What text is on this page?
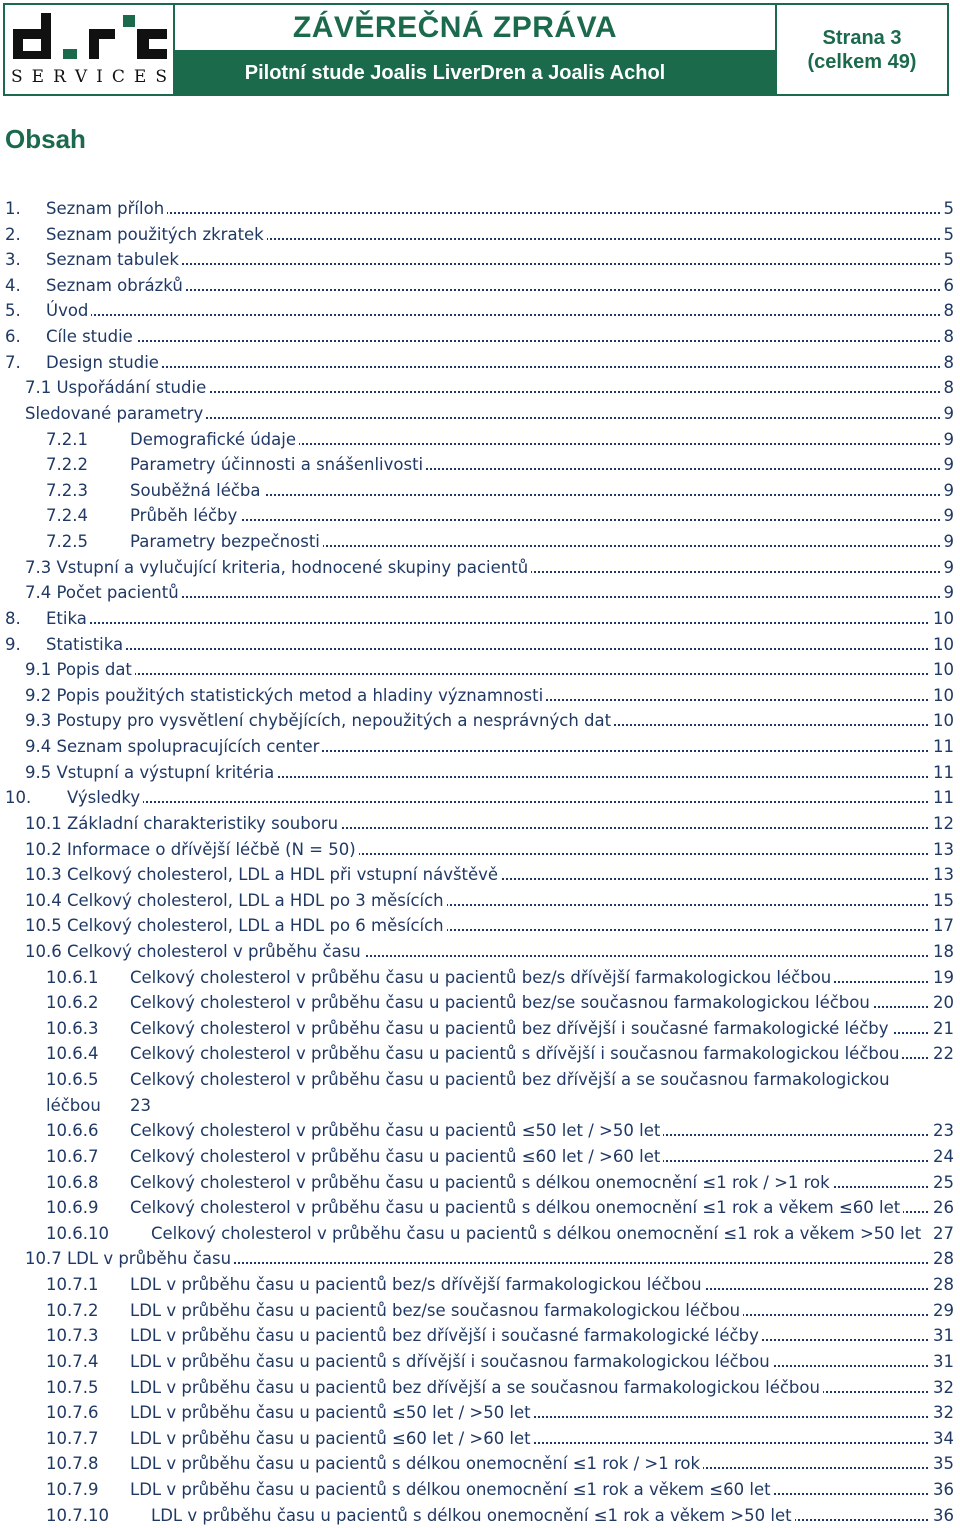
S E R V I C E S
ZÁVĚREČNÁ ZPRÁVA
Pilotní stude Joalis LiverDren a Joalis Achol
Strana 3
(celkem 49)
Obsah
1. Seznam příloh	5
2. Seznam použitých zkratek	5
3. Seznam tabulek	5
4. Seznam obrázků	6
5. Úvod	8
6. Cíle studie	8
7. Design studie	8
7.1 Uspořádání studie	8
Sledované parametry	9
7.2.1	Demografické údaje	9
7.2.2	Parametry účinnosti a snášenlivosti	9
7.2.3	Souběžná léčba	9
7.2.4	Průběh léčby	9
7.2.5	Parametry bezpečnosti	9
7.3 Vstupní a vylučující kriteria, hodnocené skupiny pacientů	9
7.4 Počet pacientů	9
8. Etika	10
9. Statistika	10
9.1 Popis dat	10
9.2 Popis použitých statistických metod a hladiny významnosti	10
9.3 Postupy pro vysvětlení chybějících, nepoužitých a nesprávných dat	10
9.4 Seznam spolupracujících center	11
9.5 Vstupní a výstupní kritéria	11
10. Výsledky	11
10.1 Základní charakteristiky souboru	12
10.2 Informace o dřívější léčbě (N = 50)	13
10.3 Celkový cholesterol, LDL a HDL při vstupní návštěvě	13
10.4 Celkový cholesterol, LDL a HDL po 3 měsících	15
10.5 Celkový cholesterol, LDL a HDL po 6 měsících	17
10.6 Celkový cholesterol v průběhu času	18
10.6.1 Celkový cholesterol v průběhu času u pacientů bez/s dřívější farmakologickou léčbou	19
10.6.2 Celkový cholesterol v průběhu času u pacientů bez/se současnou farmakologickou léčbou	20
10.6.3 Celkový cholesterol v průběhu času u pacientů bez dřívější i současné farmakologické léčby	21
10.6.4 Celkový cholesterol v průběhu času u pacientů s dřívější i současnou farmakologickou léčbou 22
10.6.5 Celkový cholesterol v průběhu času u pacientů bez dřívější a se současnou farmakologickou
léčbou 23
10.6.6 Celkový cholesterol v průběhu času u pacientů ≤50 let / >50 let	23
10.6.7 Celkový cholesterol v průběhu času u pacientů ≤60 let / >60 let	24
10.6.8 Celkový cholesterol v průběhu času u pacientů s délkou onemocnění ≤1 rok / >1 rok	25
10.6.9 Celkový cholesterol v průběhu času u pacientů s délkou onemocnění ≤1 rok a věkem ≤60 let 26
10.6.10	Celkový cholesterol v průběhu času u pacientů s délkou onemocnění ≤1 rok a věkem >50 let 27
10.7 LDL v průběhu času	28
10.7.1 LDL v průběhu času u pacientů bez/s dřívější farmakologickou léčbou	28
10.7.2 LDL v průběhu času u pacientů bez/se současnou farmakologickou léčbou	29
10.7.3 LDL v průběhu času u pacientů bez dřívější i současné farmakologické léčby	31
10.7.4 LDL v průběhu času u pacientů s dřívější i současnou farmakologickou léčbou	31
10.7.5 LDL v průběhu času u pacientů bez dřívější a se současnou farmakologickou léčbou	32
10.7.6 LDL v průběhu času u pacientů ≤50 let / >50 let	32
10.7.7 LDL v průběhu času u pacientů ≤60 let / >60 let	34
10.7.8 LDL v průběhu času u pacientů s délkou onemocnění ≤1 rok / >1 rok	35
10.7.9 LDL v průběhu času u pacientů s délkou onemocnění ≤1 rok a věkem ≤60 let	36
10.7.10	LDL v průběhu času u pacientů s délkou onemocnění ≤1 rok a věkem >50 let	36
